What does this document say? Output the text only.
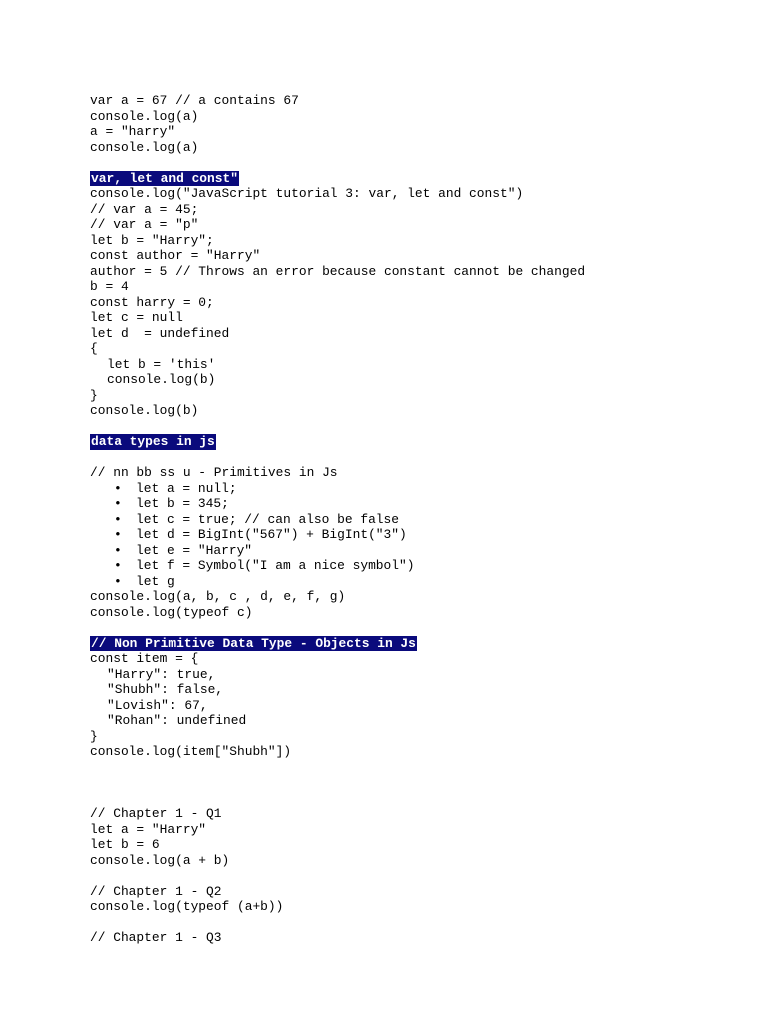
var a = 67 // a contains 67
console.log(a)
a = "harry"
console.log(a)
var, let and const"
console.log("JavaScript tutorial 3: var, let and const")
// var a = 45;
// var a = "p"
let b = "Harry";
const author = "Harry"
author = 5 // Throws an error because constant cannot be changed
b = 4
const harry = 0;
let c = null
let d  = undefined
{
let b = 'this'
console.log(b)
}
console.log(b)
data types in js
// nn bb ss u - Primitives in Js
• let a = null;
• let b = 345;
• let c = true; // can also be false
• let d = BigInt("567") + BigInt("3")
• let e = "Harry"
• let f = Symbol("I am a nice symbol")
• let g
console.log(a, b, c , d, e, f, g)
console.log(typeof c)
// Non Primitive Data Type - Objects in Js
const item = {
"Harry": true,
"Shubh": false,
"Lovish": 67,
"Rohan": undefined
}
console.log(item["Shubh"])
// Chapter 1 - Q1
let a = "Harry"
let b = 6
console.log(a + b)
// Chapter 1 - Q2
console.log(typeof (a+b))
// Chapter 1 - Q3
